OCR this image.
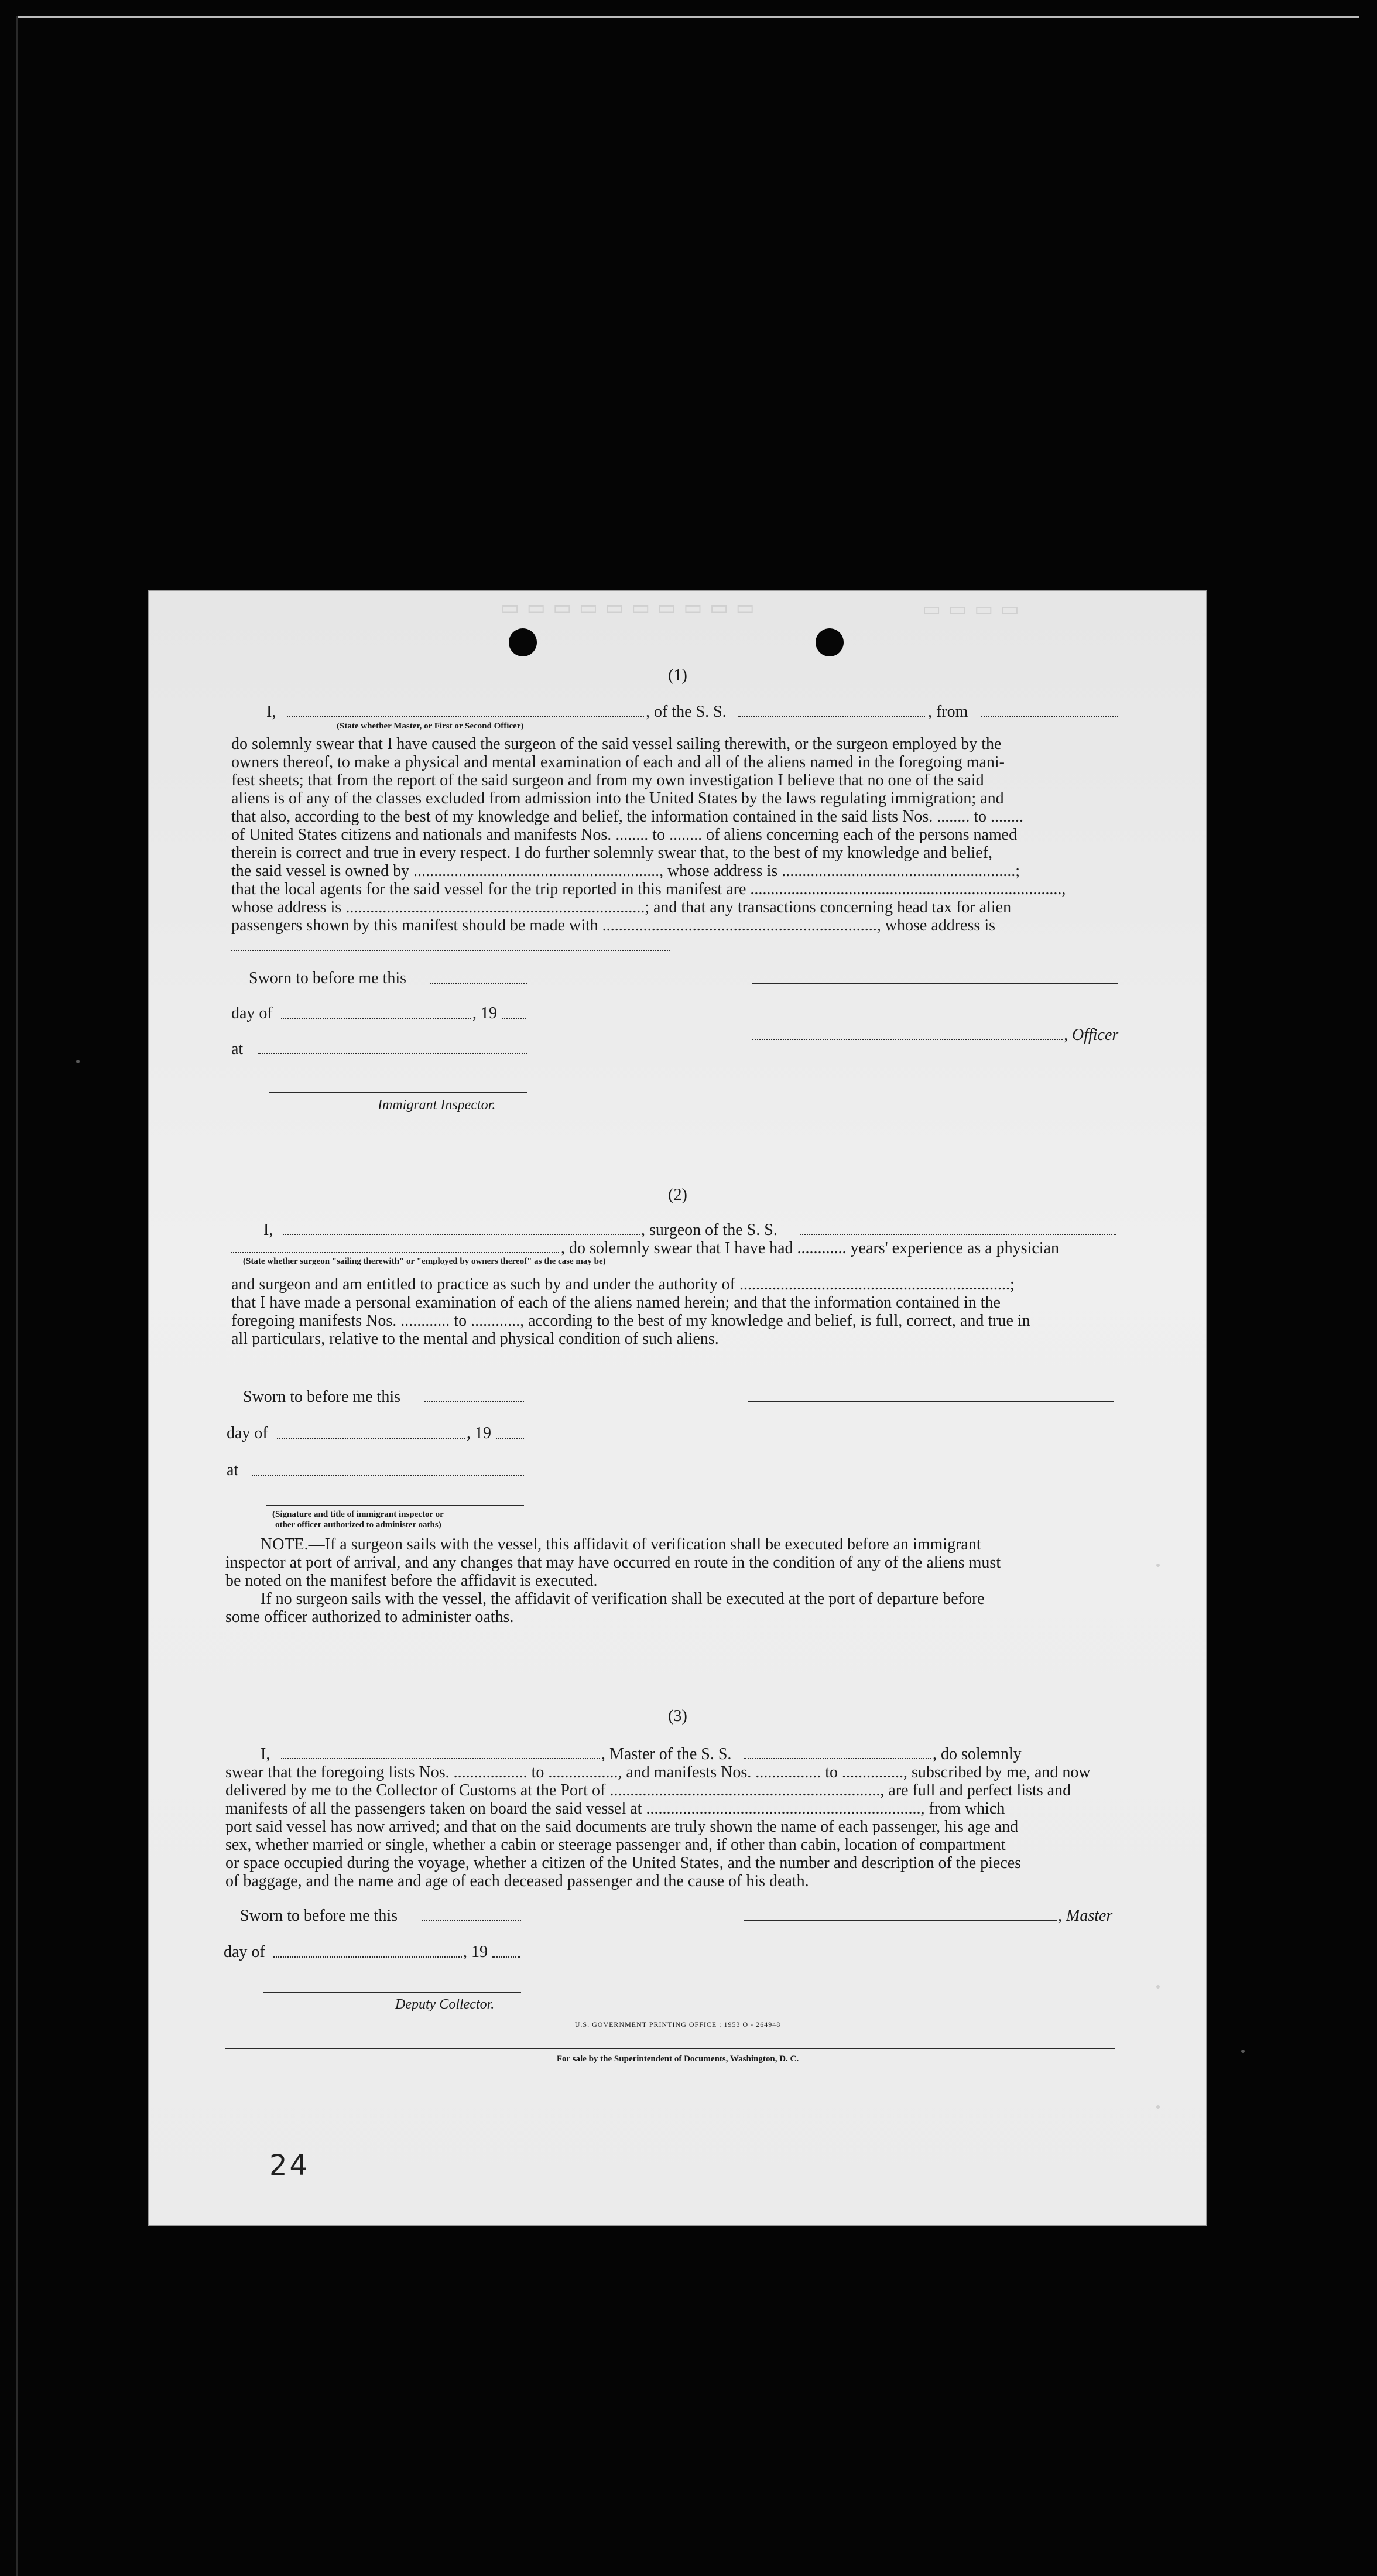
▭ ▭ ▭ ▭ ▭ ▭ ▭ ▭ ▭ ▭	▭ ▭ ▭ ▭
(1)
I,	, of the S. S.	, from
(State whether Master, or First or Second Officer)
do solemnly swear that I have caused the surgeon of the said vessel sailing therewith, or the surgeon employed by the
owners thereof, to make a physical and mental examination of each and all of the aliens named in the foregoing mani-
fest sheets; that from the report of the said surgeon and from my own investigation I believe that no one of the said
aliens is of any of the classes excluded from admission into the United States by the laws regulating immigration; and
that also, according to the best of my knowledge and belief, the information contained in the said lists Nos. ........ to ........
of United States citizens and nationals and manifests Nos. ........ to ........ of aliens concerning each of the persons named
therein is correct and true in every respect. I do further solemnly swear that, to the best of my knowledge and belief,
the said vessel is owned by ............................................................, whose address is .........................................................;
that the local agents for the said vessel for the trip reported in this manifest are ............................................................................,
whose address is .........................................................................; and that any transactions concerning head tax for alien
passengers shown by this manifest should be made with ..................................................................., whose address is
Sworn to before me this
day of	, 19
, Officer
at
Immigrant Inspector.
(2)
I,	, surgeon of the S. S.
, do solemnly swear that I have had ............ years' experience as a physician
(State whether surgeon "sailing therewith" or "employed by owners thereof" as the case may be)
and surgeon and am entitled to practice as such by and under the authority of ..................................................................;
that I have made a personal examination of each of the aliens named herein; and that the information contained in the
foregoing manifests Nos. ............ to ............, according to the best of my knowledge and belief, is full, correct, and true in
all particulars, relative to the mental and physical condition of such aliens.
Sworn to before me this
day of	, 19
at
(Signature and title of immigrant inspector or
other officer authorized to administer oaths)
NOTE.—If a surgeon sails with the vessel, this affidavit of verification shall be executed before an immigrant
inspector at port of arrival, and any changes that may have occurred en route in the condition of any of the aliens must
be noted on the manifest before the affidavit is executed.
If no surgeon sails with the vessel, the affidavit of verification shall be executed at the port of departure before
some officer authorized to administer oaths.
(3)
I,	, Master of the S. S.	, do solemnly
swear that the foregoing lists Nos. .................. to ................., and manifests Nos. ................ to ..............., subscribed by me, and now
delivered by me to the Collector of Customs at the Port of .................................................................., are full and perfect lists and
manifests of all the passengers taken on board the said vessel at ..................................................................., from which
port said vessel has now arrived; and that on the said documents are truly shown the name of each passenger, his age and
sex, whether married or single, whether a cabin or steerage passenger and, if other than cabin, location of compartment
or space occupied during the voyage, whether a citizen of the United States, and the number and description of the pieces
of baggage, and the name and age of each deceased passenger and the cause of his death.
Sworn to before me this	, Master
day of	, 19
Deputy Collector.
U.S. GOVERNMENT PRINTING OFFICE : 1953 O - 264948
For sale by the Superintendent of Documents, Washington, D. C.
24
